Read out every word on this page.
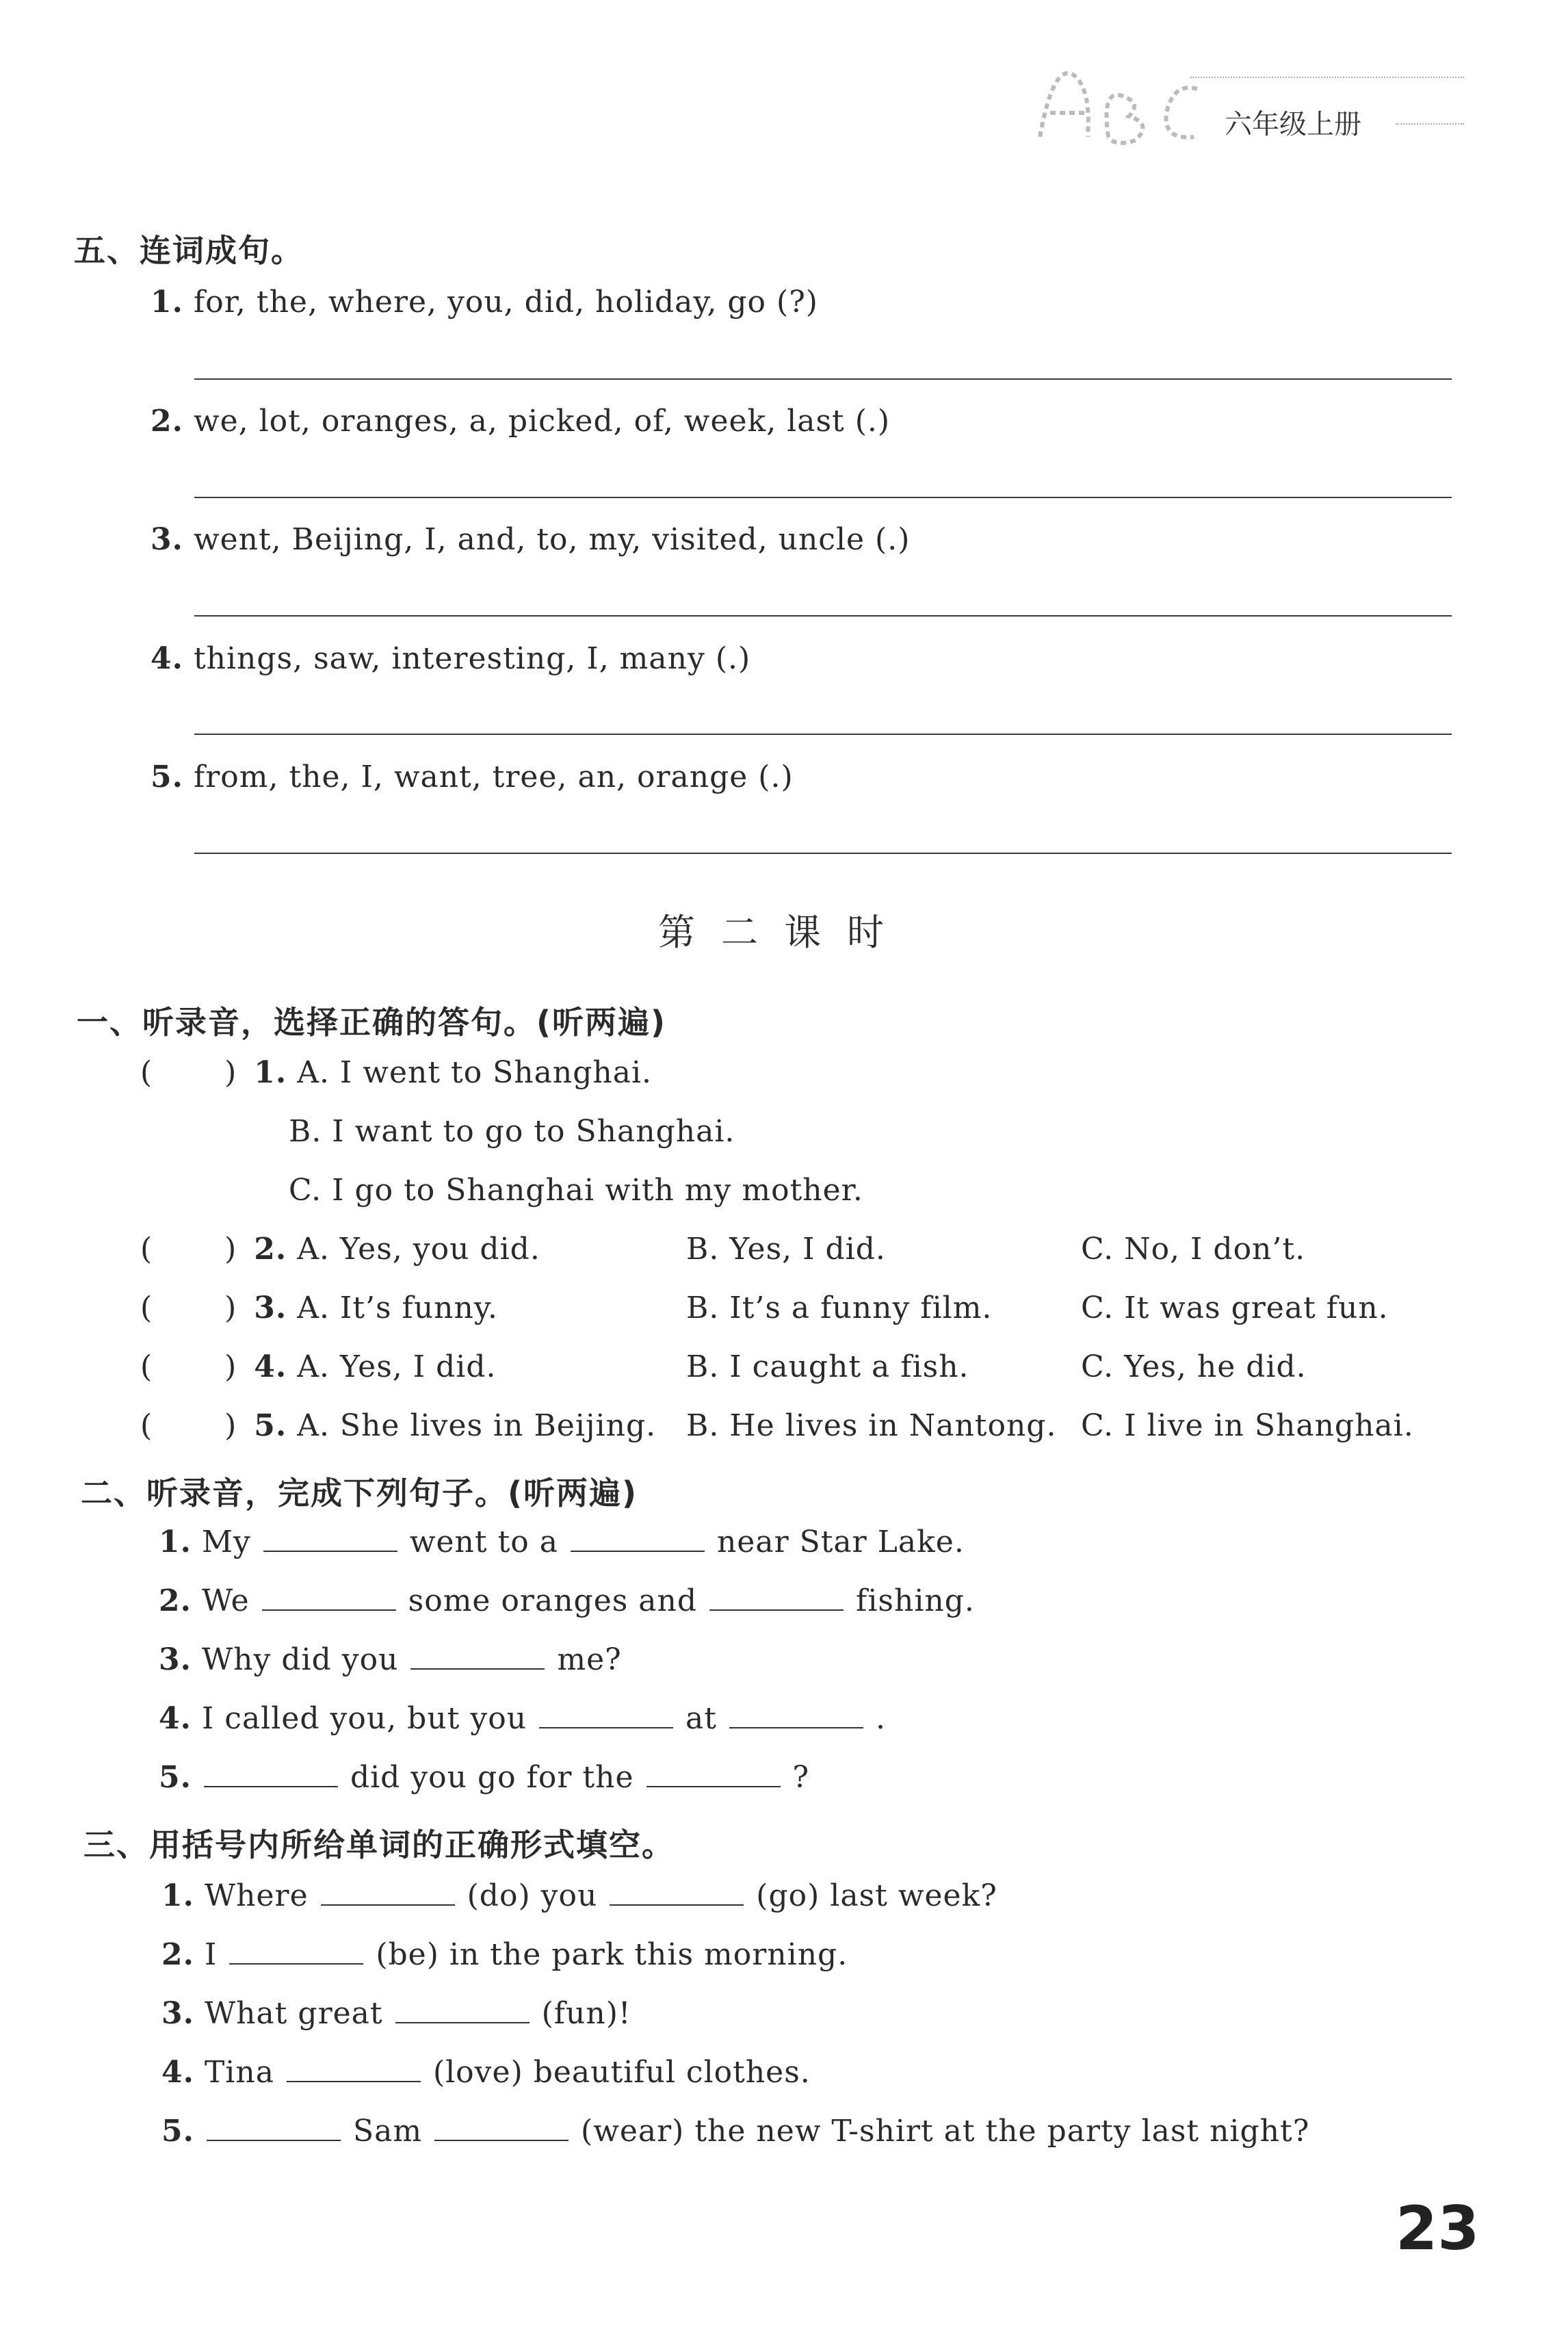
六年级上册
五、连词成句。
1. for, the, where, you, did, holiday, go (?)
2. we, lot, oranges, a, picked, of, week, last (.)
3. went, Beijing, I, and, to, my, visited, uncle (.)
4. things, saw, interesting, I, many (.)
5. from, the, I, want, tree, an, orange (.)
第二课时
一、听录音，选择正确的答句。(听两遍)
(       ) 1. A. I went to Shanghai.
B. I want to go to Shanghai.
C. I go to Shanghai with my mother.
(       ) 2. A. Yes, you did.	B. Yes, I did.	C. No, I don’t.
(       ) 3. A. It’s funny.	B. It’s a funny film.	C. It was great fun.
(       ) 4. A. Yes, I did.	B. I caught a fish.	C. Yes, he did.
(       ) 5. A. She lives in Beijing. B. He lives in Nantong. C. I live in Shanghai.
二、听录音，完成下列句子。(听两遍)
1. My	went to a	near Star Lake.
2. We	some oranges and	fishing.
3. Why did you	me?
4. I called you, but you	at	.
5.	did you go for the	?
三、用括号内所给单词的正确形式填空。
1. Where	(do) you	(go) last week?
2. I	(be) in the park this morning.
3. What great	(fun)!
4. Tina	(love) beautiful clothes.
5.	Sam	(wear) the new T-shirt at the party last night?
23
